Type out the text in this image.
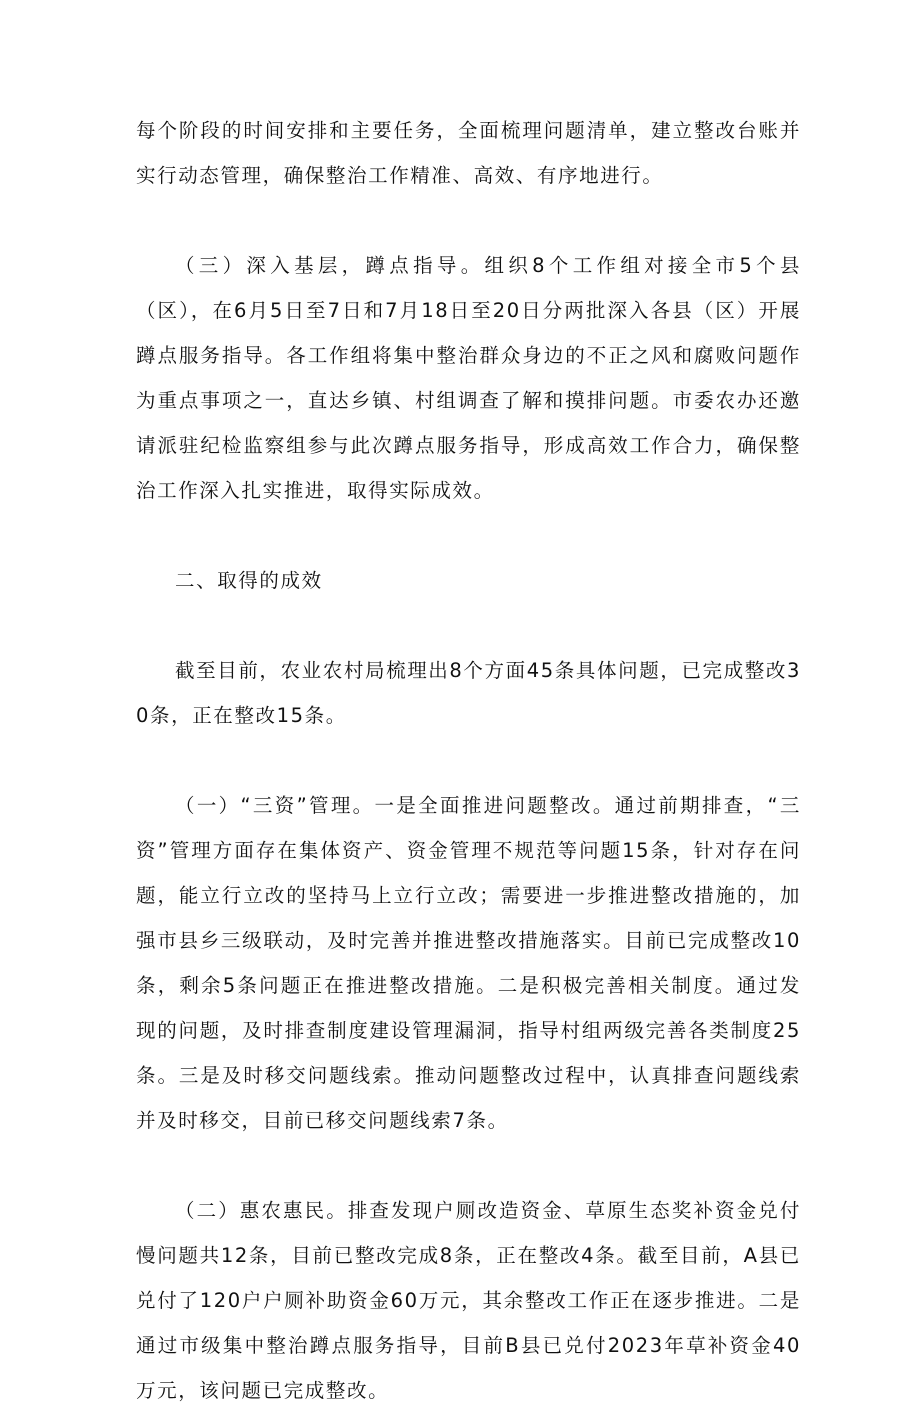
每个阶段的时间安排和主要任务，全面梳理问题清单，建立整改台账并实行动态管理，确保整治工作精准、高效、有序地进行。

（三）深入基层，蹲点指导。组织8个工作组对接全市5个县（区），在6月5日至7日和7月18日至20日分两批深入各县（区）开展蹲点服务指导。各工作组将集中整治群众身边的不正之风和腐败问题作为重点事项之一，直达乡镇、村组调查了解和摸排问题。市委农办还邀请派驻纪检监察组参与此次蹲点服务指导，形成高效工作合力，确保整治工作深入扎实推进，取得实际成效。

二、取得的成效

截至目前，农业农村局梳理出8个方面45条具体问题，已完成整改30条，正在整改15条。

（一）“三资”管理。一是全面推进问题整改。通过前期排查，“三资”管理方面存在集体资产、资金管理不规范等问题15条，针对存在问题，能立行立改的坚持马上立行立改；需要进一步推进整改措施的，加强市县乡三级联动，及时完善并推进整改措施落实。目前已完成整改10条，剩余5条问题正在推进整改措施。二是积极完善相关制度。通过发现的问题，及时排查制度建设管理漏洞，指导村组两级完善各类制度25条。三是及时移交问题线索。推动问题整改过程中，认真排查问题线索并及时移交，目前已移交问题线索7条。

（二）惠农惠民。排查发现户厕改造资金、草原生态奖补资金兑付慢问题共12条，目前已整改完成8条，正在整改4条。截至目前，A县已兑付了120户户厕补助资金60万元，其余整改工作正在逐步推进。二是通过市级集中整治蹲点服务指导，目前B县已兑付2023年草补资金40万元，该问题已完成整改。
